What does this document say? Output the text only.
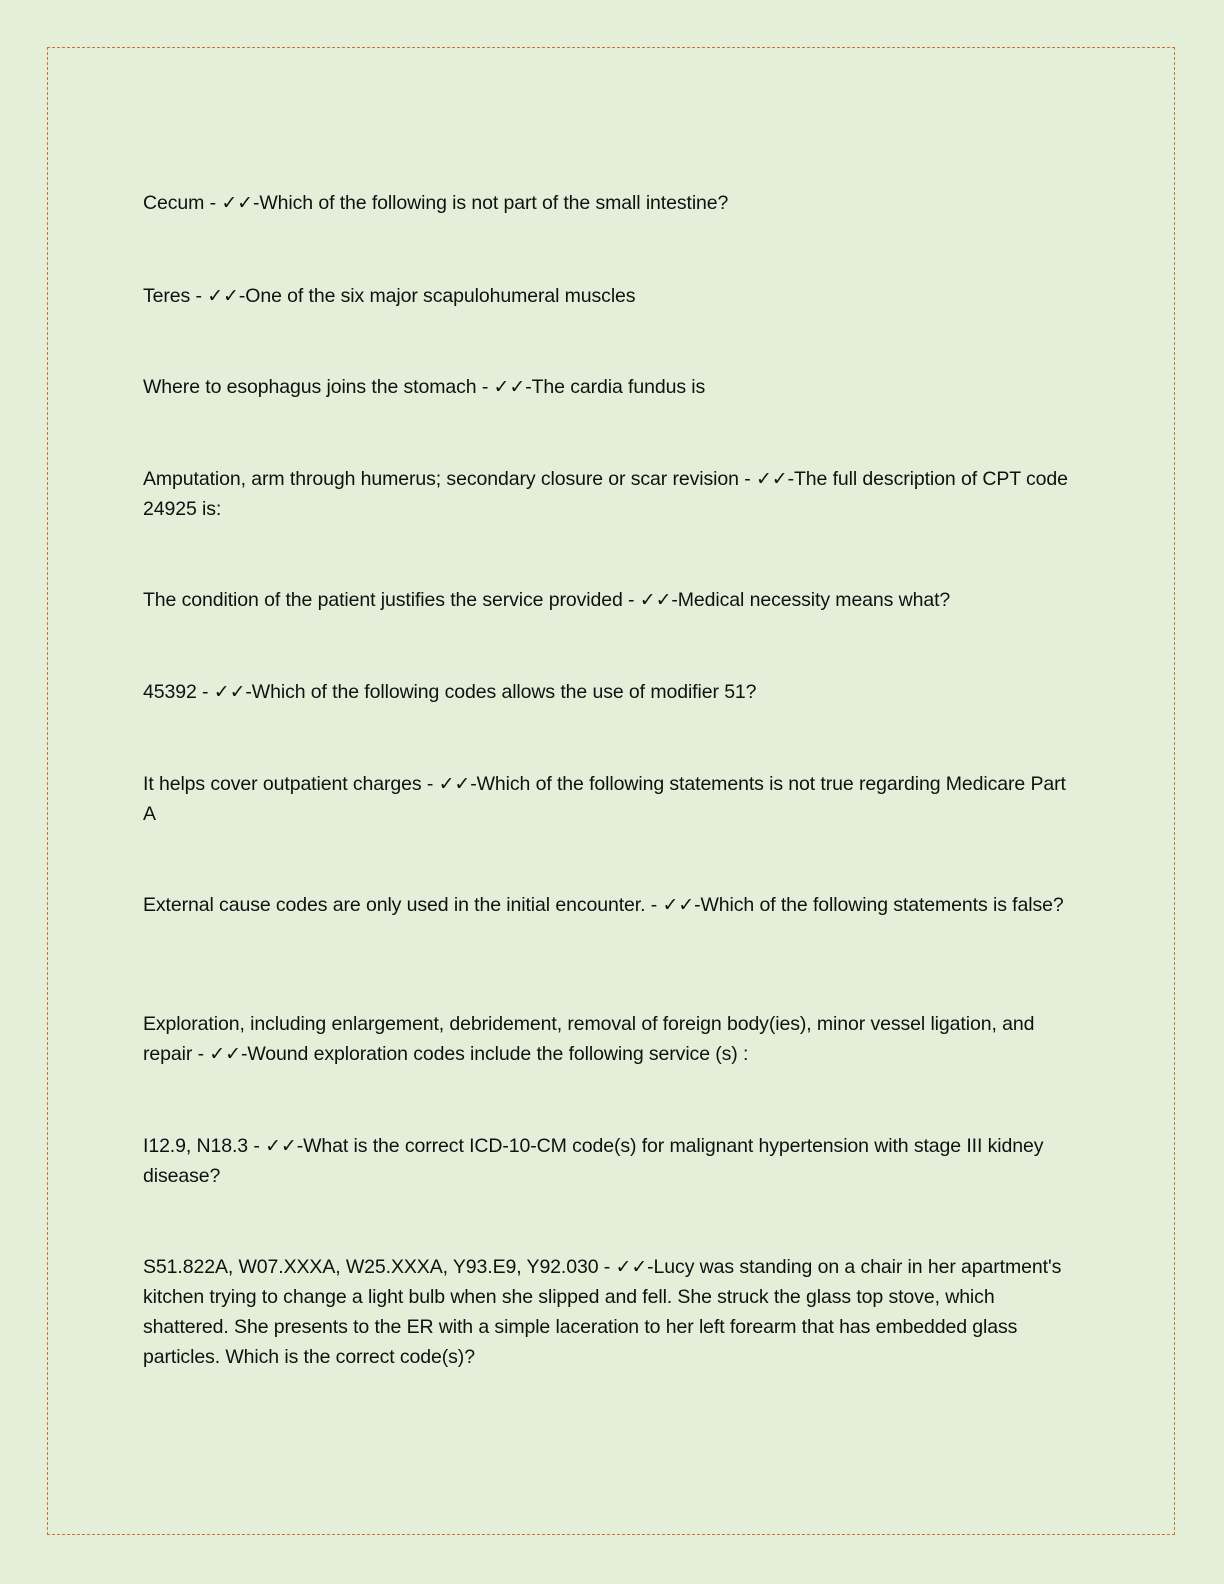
Cecum - ✓✓-Which of the following is not part of the small intestine?
Teres - ✓✓-One of the six major scapulohumeral muscles
Where to esophagus joins the stomach - ✓✓-The cardia fundus is
Amputation, arm through humerus; secondary closure or scar revision - ✓✓-The full description of CPT code 24925 is:
The condition of the patient justifies the service provided - ✓✓-Medical necessity means what?
45392 - ✓✓-Which of the following codes allows the use of modifier 51?
It helps cover outpatient charges - ✓✓-Which of the following statements is not true regarding Medicare Part A
External cause codes are only used in the initial encounter. - ✓✓-Which of the following statements is false?
Exploration, including enlargement, debridement, removal of foreign body(ies), minor vessel ligation, and repair - ✓✓-Wound exploration codes include the following service (s) :
I12.9, N18.3 - ✓✓-What is the correct ICD-10-CM code(s) for malignant hypertension with stage III kidney disease?
S51.822A, W07.XXXA, W25.XXXA, Y93.E9, Y92.030 - ✓✓-Lucy was standing on a chair in her apartment's kitchen trying to change a light bulb when she slipped and fell. She struck the glass top stove, which shattered. She presents to the ER with a simple laceration to her left forearm that has embedded glass particles. Which is the correct code(s)?
